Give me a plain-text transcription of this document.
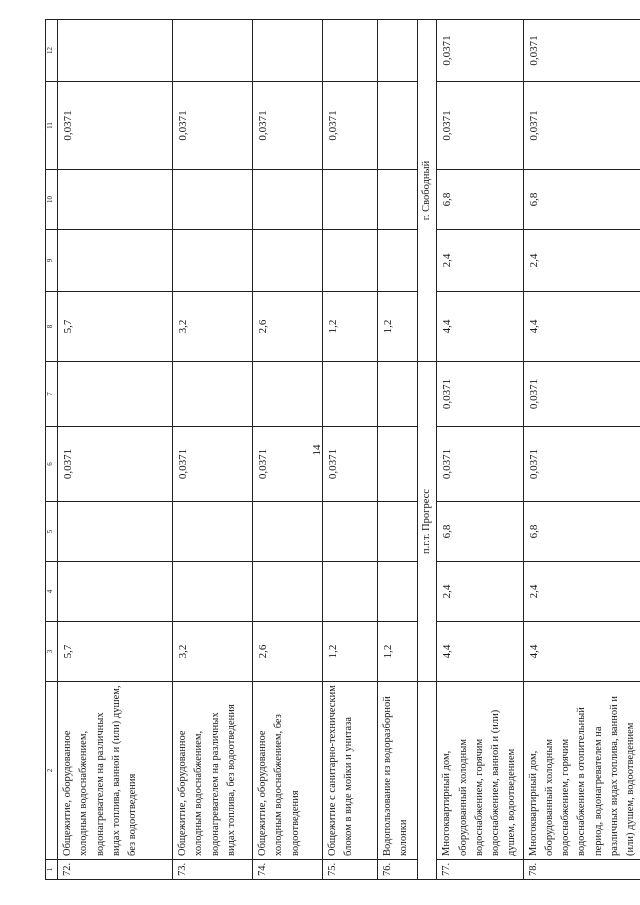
14
1	2	3	4	5	6	7	8	9	10	11	12
72.	Общежитие, оборудованное холодным водоснабжением, водонагревателем на различных видах топлива, ванной и (или) душем, без водоотведения	5,7			0,0371		5,7			0,0371	
73.	Общежитие, оборудованное холодным водоснабжением, водонагревателем на различных видах топлива, без водоотведения	3,2			0,0371		3,2			0,0371	
74.	Общежитие, оборудованное холодным водоснабжением, без водоотведения	2,6			0,0371		2,6			0,0371	
75.	Общежитие с санитарно-техническим блоком в виде мойки и унитаза	1,2			0,0371		1,2			0,0371	
76.	Водопользование из водоразборной колонки	1,2					1,2				
		п.г.т. Прогресс					г. Свободный				
77.	Многоквартирный дом, оборудованный холодным водоснабжением, горячим водоснабжением, ванной и (или) душем, водоотведением	4,4	2,4	6,8	0,0371	0,0371	4,4	2,4	6,8	0,0371	0,0371
78.	Многоквартирный дом, оборудованный холодным водоснабжением, горячим водоснабжением в отопительный период, водонагревателем на различных видах топлива, ванной и (или) душем, водоотведением	4,4	2,4	6,8	0,0371	0,0371	4,4	2,4	6,8	0,0371	0,0371
